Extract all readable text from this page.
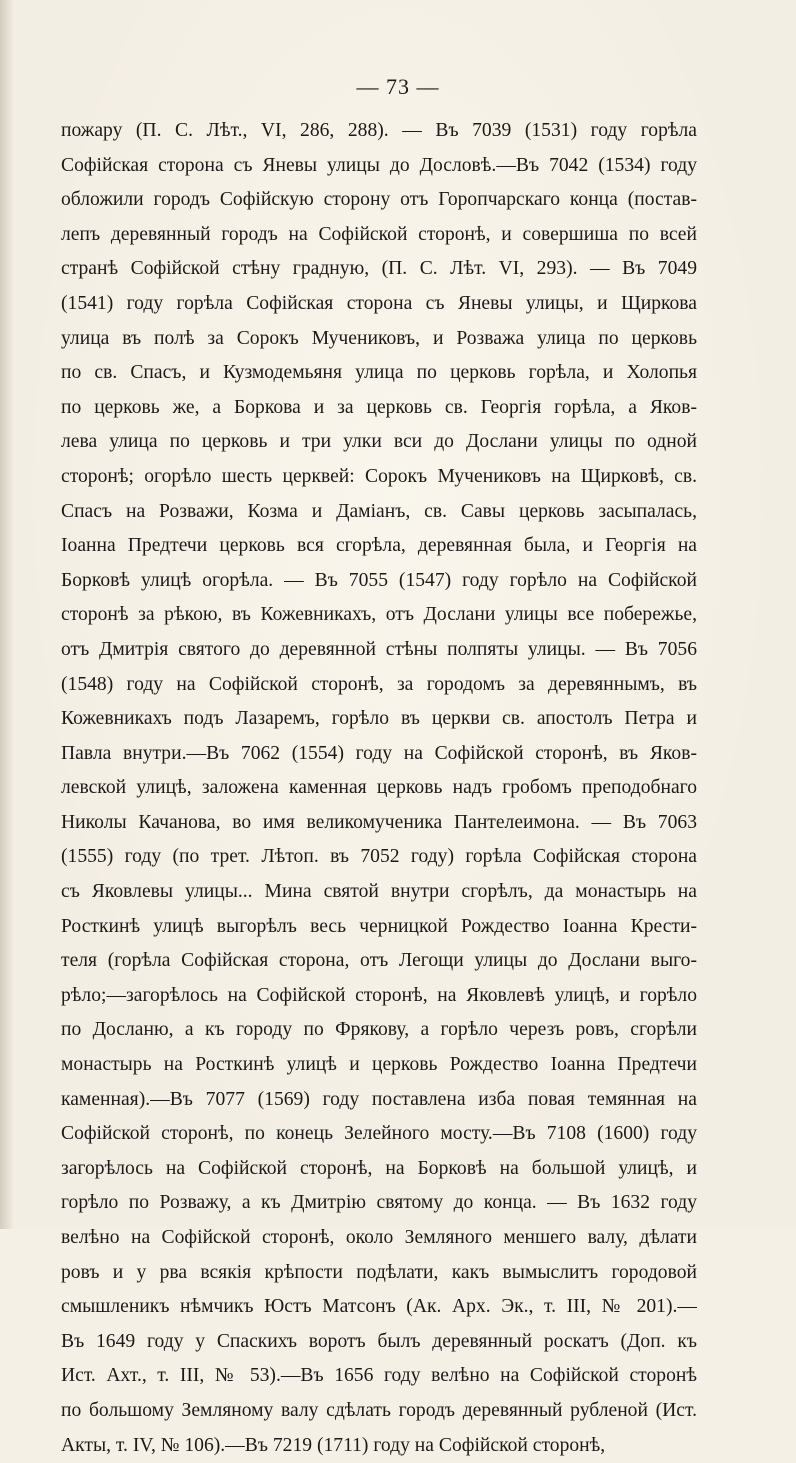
— 73 —
пожару (П. С. Лѣт., VI, 286, 288). — Въ 7039 (1531) году горѣла
Софійская сторона съ Яневы улицы до Дословѣ.—Въ 7042 (1534) году
обложили городъ Софійскую сторону отъ Горопчарскаго конца (постав-
лепъ деревянный городъ на Софійской сторонѣ, и совершиша по всей
странѣ Софійской стѣну градную, (П. С. Лѣт. VI, 293). — Въ 7049
(1541) году горѣла Софійская сторона съ Яневы улицы, и Щиркова
улица въ полѣ за Сорокъ Мучениковъ, и Розважа улица по церковь
по св. Спасъ, и Кузмодемьяня улица по церковь горѣла, и Холопья
по церковь же, а Боркова и за церковь св. Георгія горѣла, а Яков-
лева улица по церковь и три улки вси до Дослани улицы по одной
сторонѣ; огорѣло шесть церквей: Сорокъ Мучениковъ на Щирковѣ, св.
Спасъ на Розважи, Козма и Даміанъ, св. Савы церковь засыпалась,
Іоанна Предтечи церковь вся сгорѣла, деревянная была, и Георгія на
Борковѣ улицѣ огорѣла. — Въ 7055 (1547) году горѣло на Софійской
сторонѣ за рѣкою, въ Кожевникахъ, отъ Дослани улицы все побережье,
отъ Дмитрія святого до деревянной стѣны полпяты улицы. — Въ 7056
(1548) году на Софійской сторонѣ, за городомъ за деревяннымъ, въ
Кожевникахъ подъ Лазаремъ, горѣло въ церкви св. апостолъ Петра и
Павла внутри.—Въ 7062 (1554) году на Софійской сторонѣ, въ Яков-
левской улицѣ, заложена каменная церковь надъ гробомъ преподобнаго
Николы Качанова, во имя великомученика Пантелеимона. — Въ 7063
(1555) году (по трет. Лѣтоп. въ 7052 году) горѣла Софійская сторона
съ Яковлевы улицы... Мина святой внутри сгорѣлъ, да монастырь на
Росткинѣ улицѣ выгорѣлъ весь черницкой Рождество Іоанна Крести-
теля (горѣла Софійская сторона, отъ Легощи улицы до Дослани выго-
рѣло;—загорѣлось на Софійской сторонѣ, на Яковлевѣ улицѣ, и горѣло
по Досланю, а къ городу по Фрякову, а горѣло черезъ ровъ, сгорѣли
монастырь на Росткинѣ улицѣ и церковь Рождество Іоанна Предтечи
каменная).—Въ 7077 (1569) году поставлена изба повая темянная на
Софійской сторонѣ, по конець Зелейного мосту.—Въ 7108 (1600) году
загорѣлось на Софійской сторонѣ, на Борковѣ на большой улицѣ, и
горѣло по Розважу, а къ Дмитрію святому до конца. — Въ 1632 году
велѣно на Софійской сторонѣ, около Земляного меншего валу, дѣлати
ровъ и у рва всякія крѣпости подѣлати, какъ вымыслитъ городовой
смышленикъ нѣмчикъ Юстъ Матсонъ (Ак. Арх. Эк., т. III, № 201).—
Въ 1649 году у Спаскихъ воротъ былъ деревянный роскатъ (Доп. къ
Ист. Ахт., т. III, № 53).—Въ 1656 году велѣно на Софійской сторонѣ
по большому Земляному валу сдѣлать городъ деревянный рубленой (Ист.
Акты, т. IV, № 106).—Въ 7219 (1711) году на Софійской сторонѣ,
